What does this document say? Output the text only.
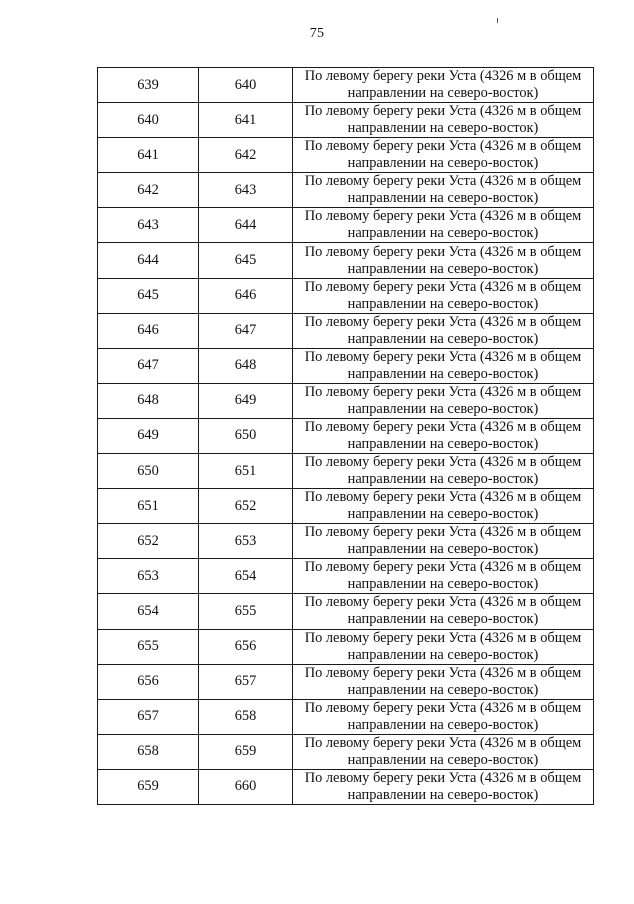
75
639	640	По левому берегу реки Уста (4326 м в общем
направлении на северо-восток)

640	641	По левому берегу реки Уста (4326 м в общем
направлении на северо-восток)

641	642	По левому берегу реки Уста (4326 м в общем
направлении на северо-восток)

642	643	По левому берегу реки Уста (4326 м в общем
направлении на северо-восток)

643	644	По левому берегу реки Уста (4326 м в общем
направлении на северо-восток)

644	645	По левому берегу реки Уста (4326 м в общем
направлении на северо-восток)

645	646	По левому берегу реки Уста (4326 м в общем
направлении на северо-восток)

646	647	По левому берегу реки Уста (4326 м в общем
направлении на северо-восток)

647	648	По левому берегу реки Уста (4326 м в общем
направлении на северо-восток)

648	649	По левому берегу реки Уста (4326 м в общем
направлении на северо-восток)

649	650	По левому берегу реки Уста (4326 м в общем
направлении на северо-восток)

650	651	По левому берегу реки Уста (4326 м в общем
направлении на северо-восток)

651	652	По левому берегу реки Уста (4326 м в общем
направлении на северо-восток)

652	653	По левому берегу реки Уста (4326 м в общем
направлении на северо-восток)

653	654	По левому берегу реки Уста (4326 м в общем
направлении на северо-восток)

654	655	По левому берегу реки Уста (4326 м в общем
направлении на северо-восток)

655	656	По левому берегу реки Уста (4326 м в общем
направлении на северо-восток)

656	657	По левому берегу реки Уста (4326 м в общем
направлении на северо-восток)

657	658	По левому берегу реки Уста (4326 м в общем
направлении на северо-восток)

658	659	По левому берегу реки Уста (4326 м в общем
направлении на северо-восток)

659	660	По левому берегу реки Уста (4326 м в общем
направлении на северо-восток)
